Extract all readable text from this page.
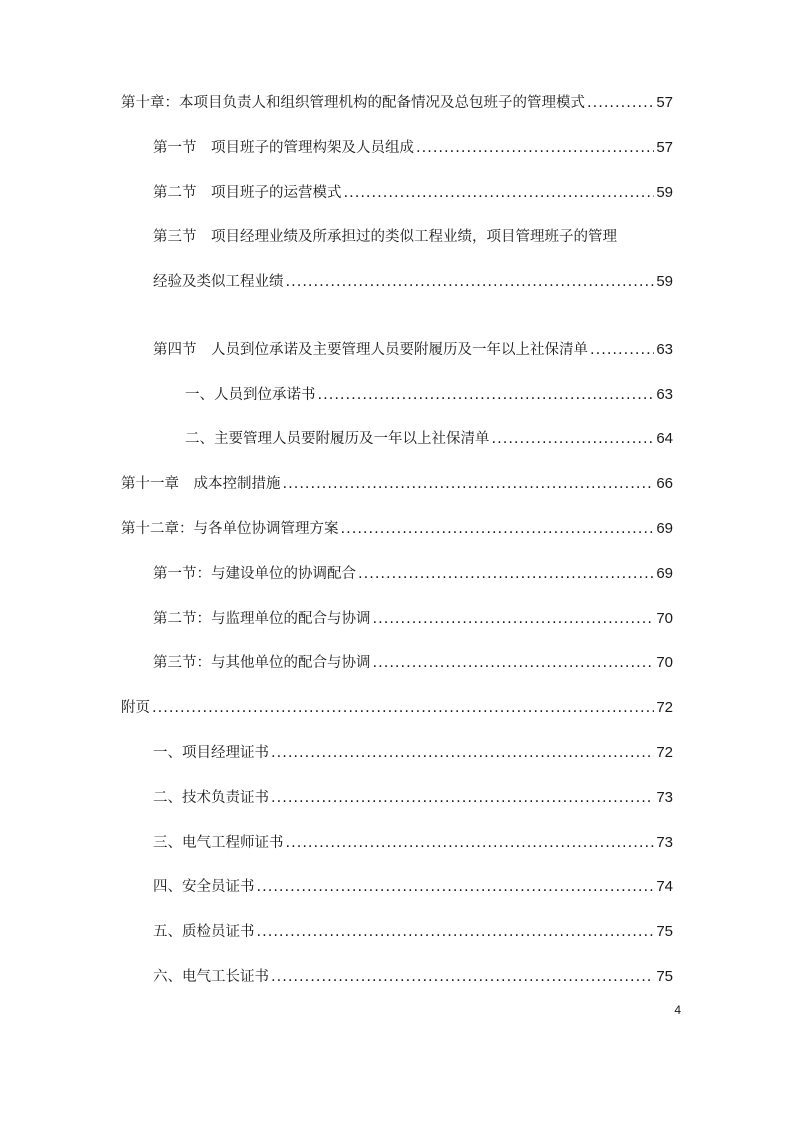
第十章：本项目负责人和组织管理机构的配备情况及总包班子的管理模式 .....	57
第一节　项目班子的管理构架及人员组成 .....	57
第二节　项目班子的运营模式 .....	59
第三节　项目经理业绩及所承担过的类似工程业绩，项目管理班子的管理
经验及类似工程业绩 .....	59
第四节　人员到位承诺及主要管理人员要附履历及一年以上社保清单 .....	63
一、人员到位承诺书 .....	63
二、主要管理人员要附履历及一年以上社保清单 .....	64
第十一章　成本控制措施 .....	66
第十二章：与各单位协调管理方案 .....	69
第一节：与建设单位的协调配合 .....	69
第二节：与监理单位的配合与协调 .....	70
第三节：与其他单位的配合与协调 .....	70
附页 .....	72
一、项目经理证书 .....	72
二、技术负责证书 .....	73
三、电气工程师证书 .....	73
四、安全员证书 .....	74
五、质检员证书 .....	75
六、电气工长证书 .....	75
4
